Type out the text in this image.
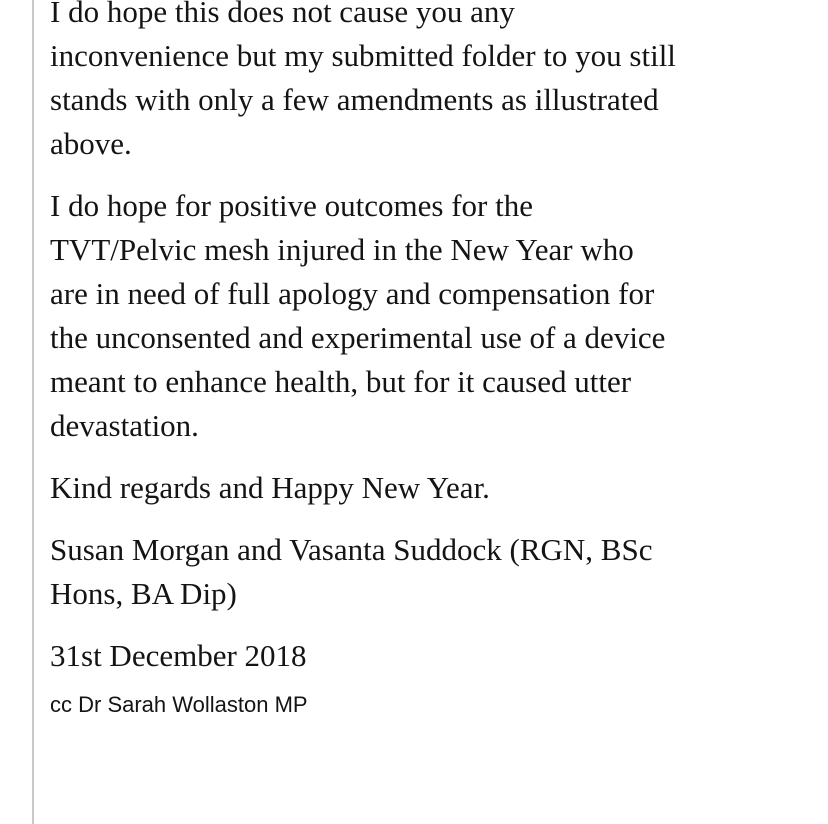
I do hope this does not cause you any
inconvenience but my submitted folder to you still
stands with only a few amendments as illustrated
above.

I do hope for positive outcomes for the
TVT/Pelvic mesh injured in the New Year who
are in need of full apology and compensation for
the unconsented and experimental use of a device
meant to enhance health, but for it caused utter
devastation.

Kind regards and Happy New Year.

Susan Morgan and Vasanta Suddock (RGN, BSc
Hons, BA Dip)

31st December 2018

cc Dr Sarah Wollaston MP
